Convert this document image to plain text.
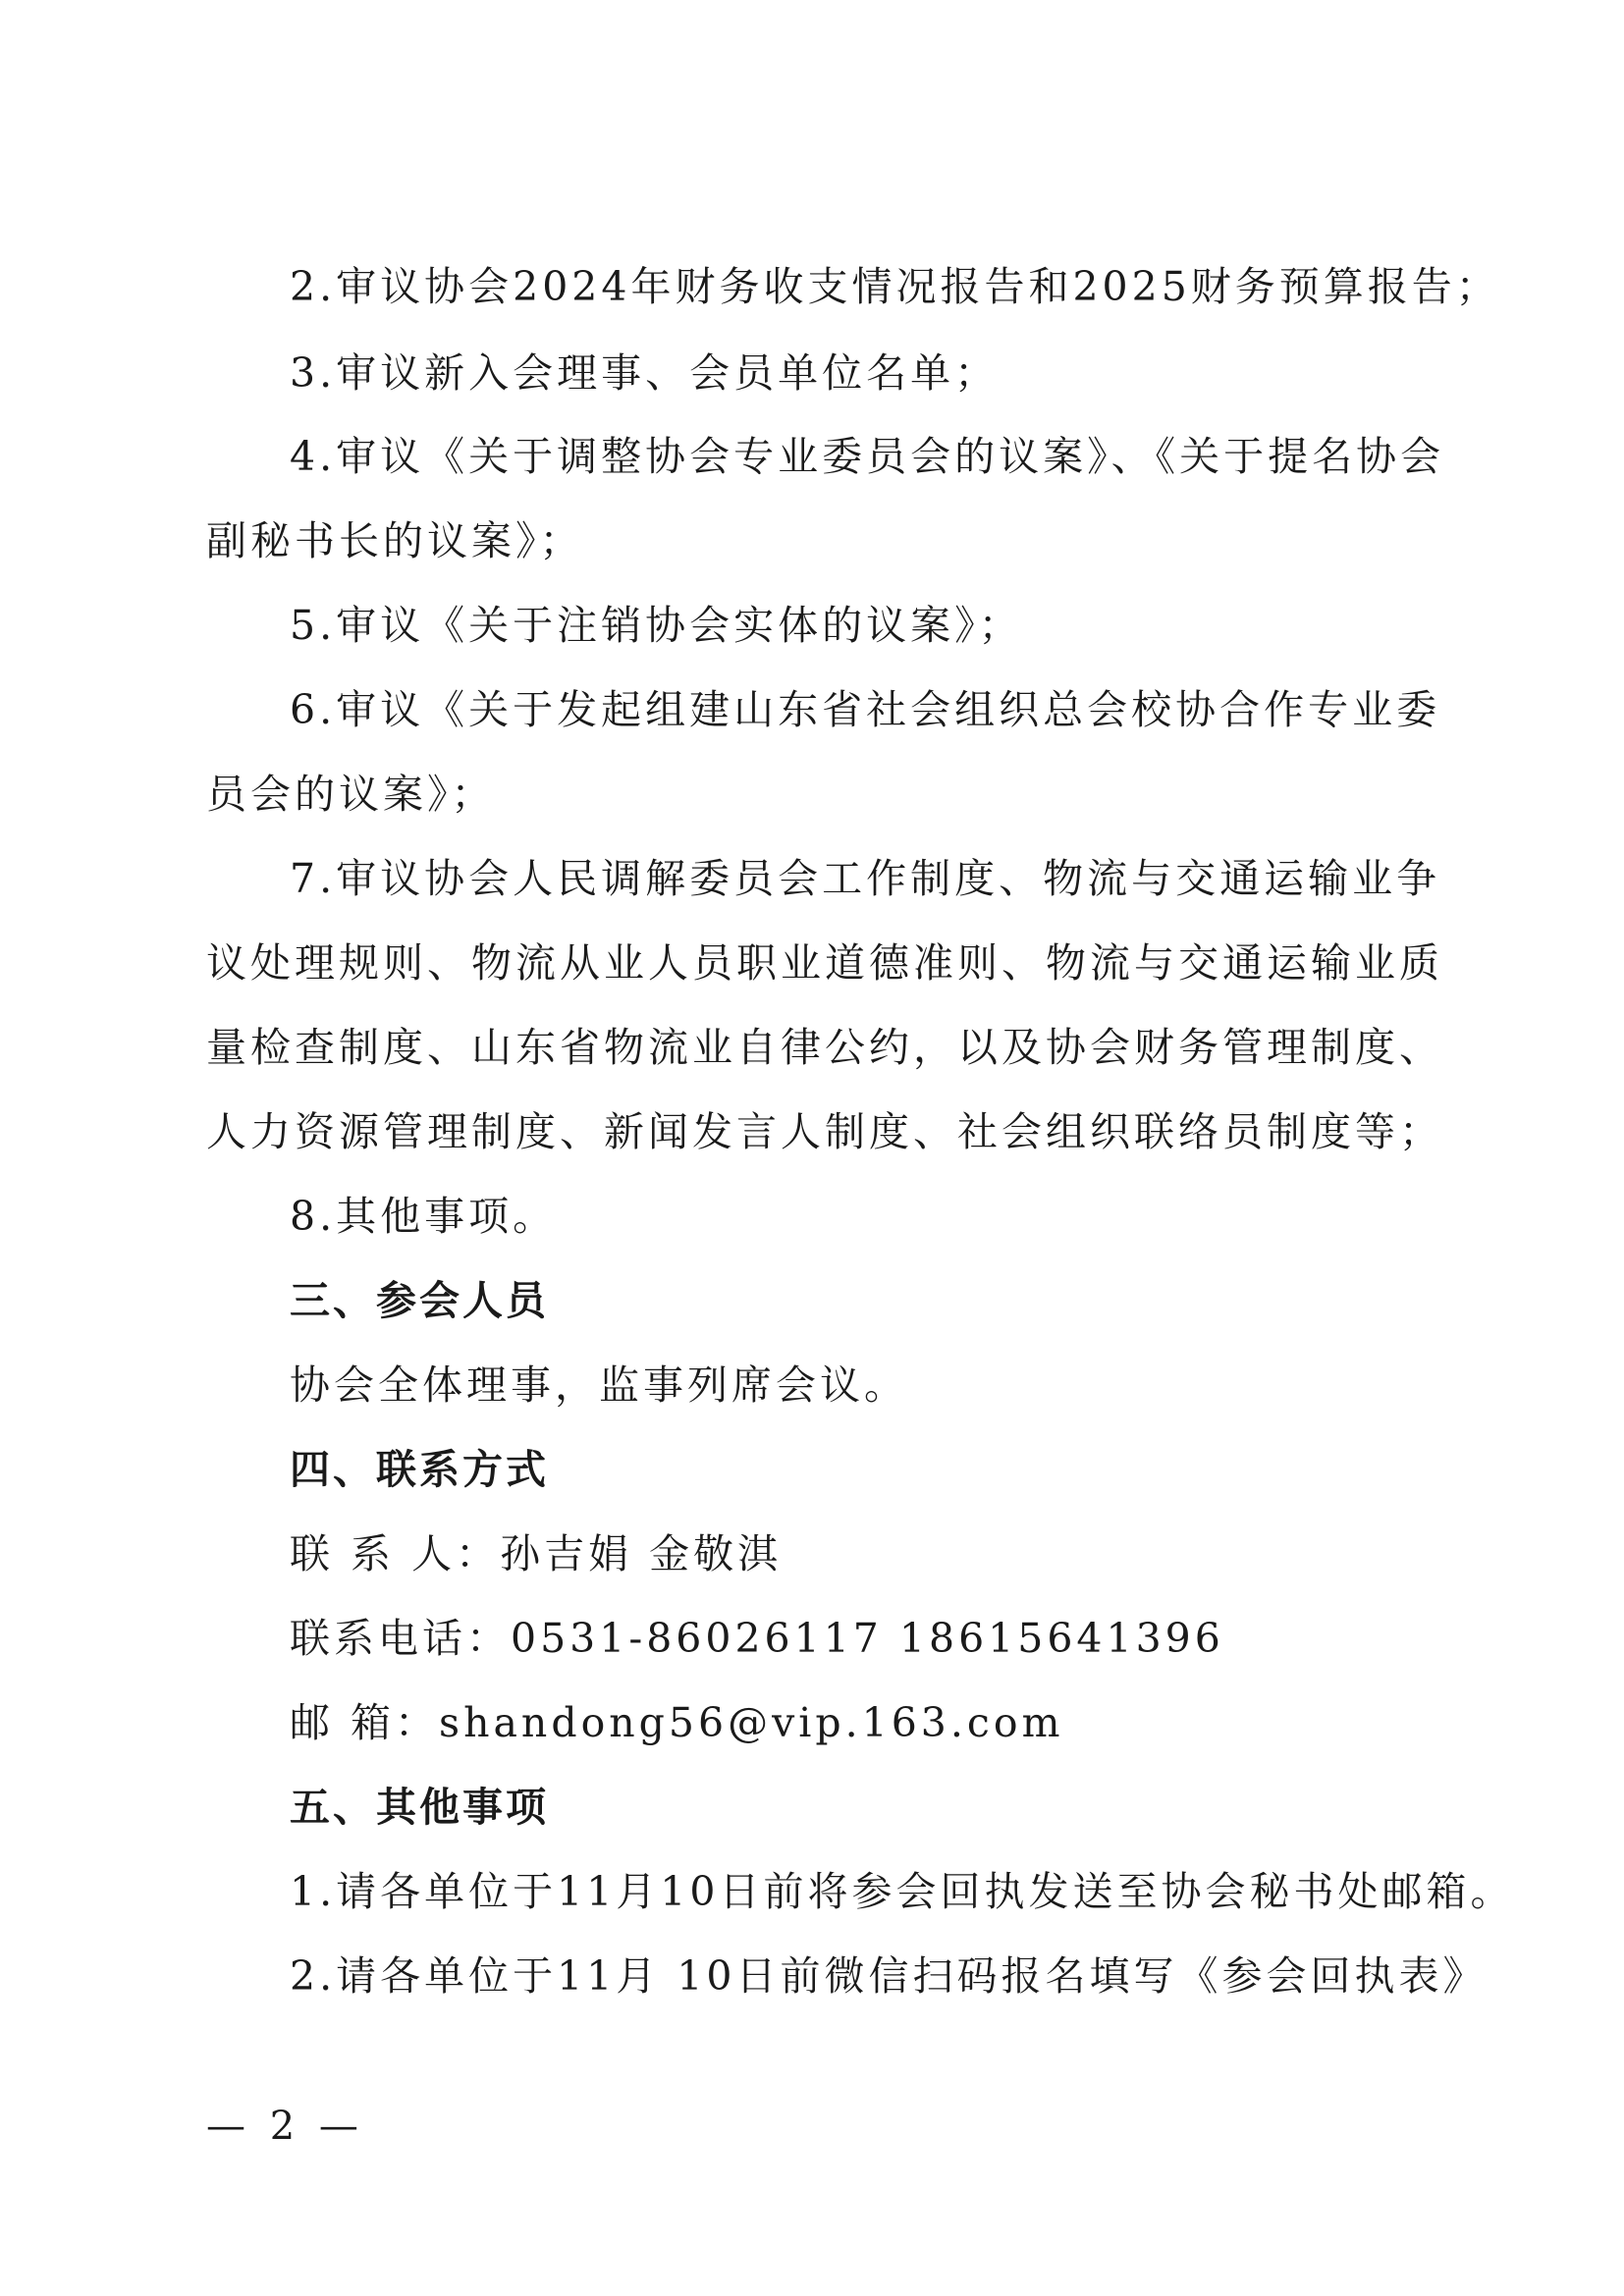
2.审议协会2024年财务收支情况报告和2025财务预算报告；
3.审议新入会理事、会员单位名单；
4.审议《关于调整协会专业委员会的议案》、《关于提名协会
副秘书长的议案》；
5.审议《关于注销协会实体的议案》；
6.审议《关于发起组建山东省社会组织总会校协合作专业委
员会的议案》；
7.审议协会人民调解委员会工作制度、物流与交通运输业争
议处理规则、物流从业人员职业道德准则、物流与交通运输业质
量检查制度、山东省物流业自律公约，以及协会财务管理制度、
人力资源管理制度、新闻发言人制度、社会组织联络员制度等；
8.其他事项。
三、参会人员
协会全体理事，监事列席会议。
四、联系方式
联 系 人：孙吉娟 金敬淇
联系电话：0531-86026117 18615641396
邮 箱：shandong56@vip.163.com
五、其他事项
1.请各单位于11月10日前将参会回执发送至协会秘书处邮箱。
2.请各单位于11月 10日前微信扫码报名填写《参会回执表》
— 2 —
